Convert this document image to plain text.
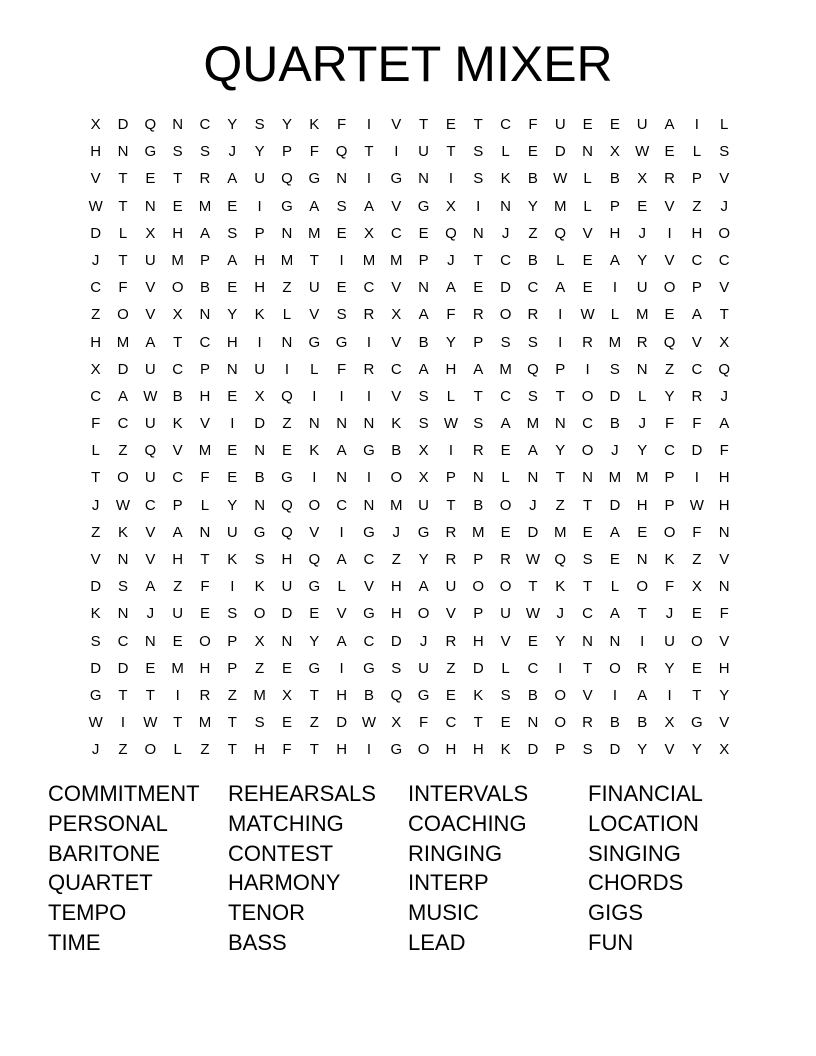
QUARTET MIXER
X	D	Q	N	C	Y	S	Y	K	F	I	V	T	E	T	C	F	U	E	E	U	A	I	L
H	N	G	S	S	J	Y	P	F	Q	T	I	U	T	S	L	E	D	N	X	W	E	L	S
V	T	E	T	R	A	U	Q	G	N	I	G	N	I	S	K	B	W	L	B	X	R	P	V
W	T	N	E	M	E	I	G	A	S	A	V	G	X	I	N	Y	M	L	P	E	V	Z	J
D	L	X	H	A	S	P	N	M	E	X	C	E	Q	N	J	Z	Q	V	H	J	I	H	O
J	T	U	M	P	A	H	M	T	I	M M	P	J	T	C	B	L	E	A	Y	V	C	C
C	F	V	O	B	E	H	Z	U	E	C	V	N	A	E	D	C	A	E	I	U	O	P	V
Z	O	V	X	N	Y	K	L	V	S	R	X	A	F	R	O	R	I	W	L	M	E	A	T
H	M	A	T	C	H	I	N	G	G	I	V	B	Y	P	S	S	I	R	M	R	Q	V	X
X	D	U	C	P	N	U	I	L	F	R	C	A	H	A	M	Q	P	I	S	N	Z	C	Q
C	A	W	B	H	E	X	Q	I	I	I	V	S	L	T	C	S	T	O	D	L	Y	R	J
F	C	U	K	V	I	D	Z	N	N	N	K	S	W	S	A	M	N	C	B	J	F	F	A
L	Z	Q	V	M	E	N	E	K	A	G	B	X	I	R	E	A	Y	O	J	Y	C	D	F
T	O	U	C	F	E	B	G	I	N	I	O	X	P	N	L	N	T	N	M M	P	I	H
J	W C	P	L	Y	N	Q	O	C	N	M	U	T	B	O	J	Z	T	D	H	P	W H
Z	K	V	A	N	U	G	Q	V	I	G	J	G	R	M	E	D	M	E	A	E	O	F	N
V	N	V	H	T	K	S	H	Q	A	C	Z	Y	R	P	R W Q	S	E	N	K	Z	V
D	S	A	Z	F	I	K	U	G	L	V	H	A	U	O	O	T	K	T	L	O	F	X	N
K	N	J	U	E	S	O	D	E	V	G	H	O	V	P	U W	J	C	A	T	J	E	F
S	C	N	E	O	P	X	N	Y	A	C	D	J	R	H	V	E	Y	N	N	I	U	O	V
D	D	E	M	H	P	Z	E	G	I	G	S	U	Z	D	L	C	I	T	O	R	Y	E	H
G	T	T	I	R	Z	M	X	T	H	B	Q	G	E	K	S	B	O	V	I	A	I	T	Y
W	I	W	T	M	T	S	E	Z	D W	X	F	C	T	E	N	O	R	B	B	X	G	V
J	Z	O	L	Z	T	H	F	T	H	I	G	O	H	H	K	D	P	S	D	Y	V	Y	X
COMMITMENT
PERSONAL
BARITONE
QUARTET
TEMPO
TIME
REHEARSALS
MATCHING
CONTEST
HARMONY
TENOR
BASS
INTERVALS
COACHING
RINGING
INTERP
MUSIC
LEAD
FINANCIAL
LOCATION
SINGING
CHORDS
GIGS
FUN
